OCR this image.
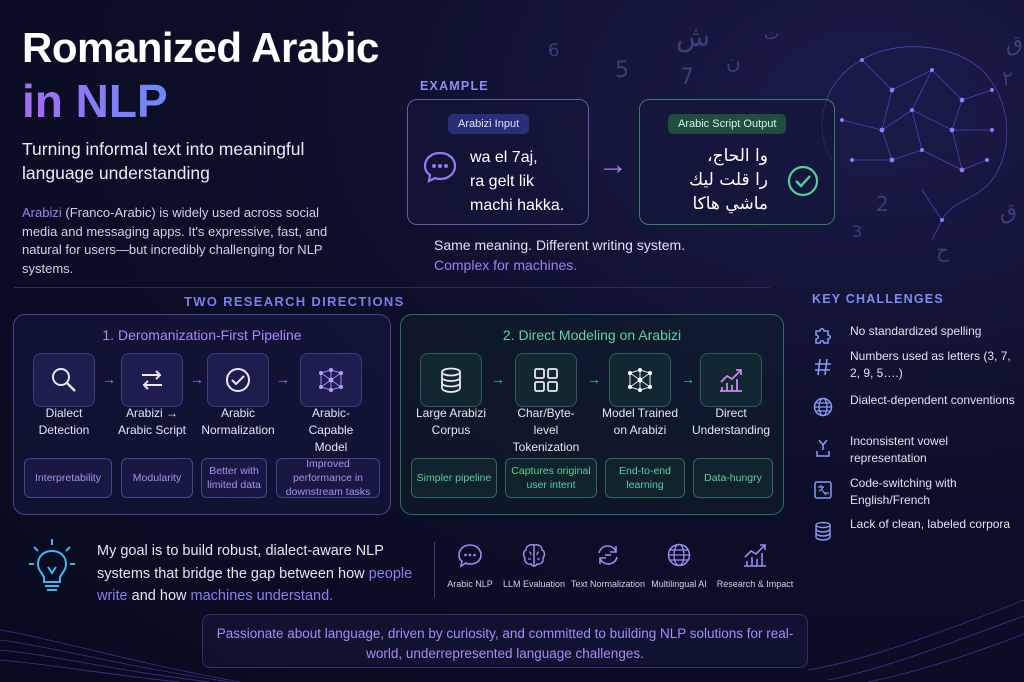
ش
6
5	ن
7
ت	ق
٢
2
3
ق
ح
Romanized Arabic
in NLP
Turning informal text into meaningful language understanding
Arabizi (Franco-Arabic) is widely used across social media and messaging apps. It's expressive, fast, and natural for users—but incredibly challenging for NLP systems.
EXAMPLE
Arabizi Input
wa el 7aj,
ra gelt lik
machi hakka.
→
Arabic Script Output
وا الحاج،
را قلت ليك
ماشي هاكا
Same meaning. Different writing system.
Complex for machines.
TWO RESEARCH DIRECTIONS
1. Deromanization-First Pipeline
Dialect Detection
→
Arabizi → Arabic Script
→
Arabic Normalization
→
Arabic-Capable Model
Interpretability	Modularity
Better with limited data
Improved performance in downstream tasks
2. Direct Modeling on Arabizi
Large Arabizi Corpus
→
Char/Byte-level Tokenization
→
Model Trained on Arabizi
→
Direct Understanding
Simpler pipeline
Captures original user intent
End-to-end learning
Data-hungry
KEY CHALLENGES
No standardized spelling
Numbers used as letters (3, 7, 2, 9, 5….)
Dialect-dependent conventions
Inconsistent vowel representation
Code-switching with English/French
Lack of clean, labeled corpora
My goal is to build robust, dialect-aware NLP systems that bridge the gap between how people write and how machines understand.
Arabic NLP LLM Evaluation Text Normalization Multilingual AI Research & Impact
Passionate about language, driven by curiosity, and committed to building NLP solutions for real-world, underrepresented language challenges.
